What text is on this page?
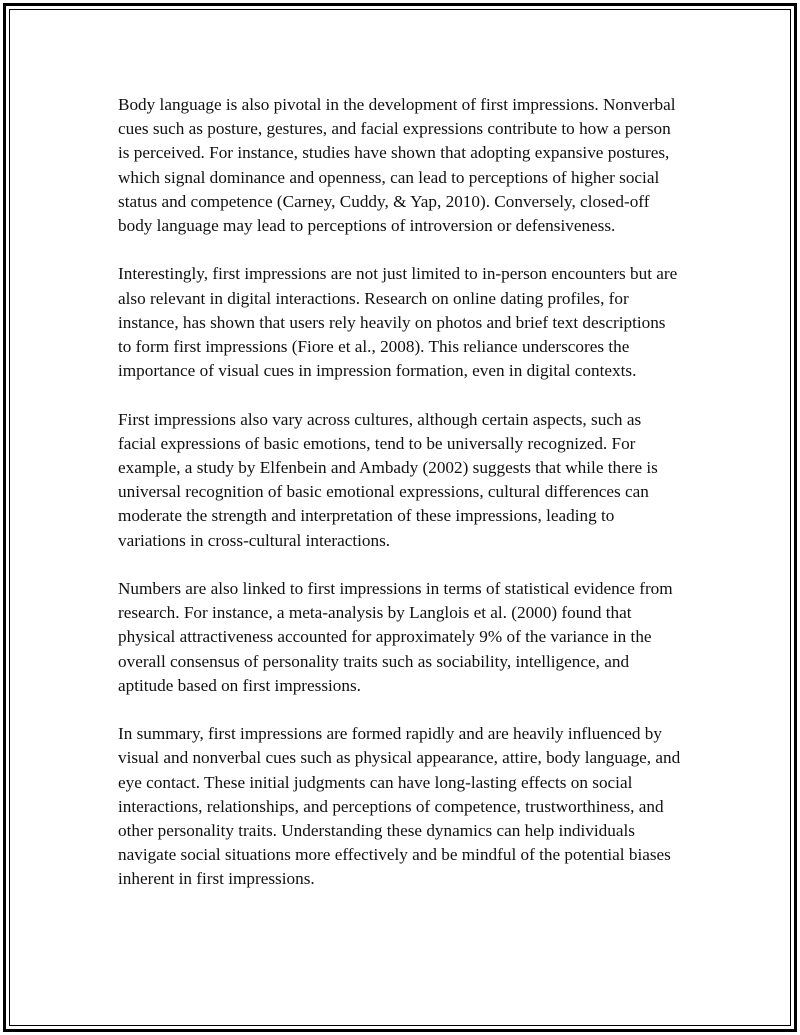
Body language is also pivotal in the development of first impressions. Nonverbal cues such as posture, gestures, and facial expressions contribute to how a person is perceived. For instance, studies have shown that adopting expansive postures, which signal dominance and openness, can lead to perceptions of higher social status and competence (Carney, Cuddy, & Yap, 2010). Conversely, closed-off body language may lead to perceptions of introversion or defensiveness.

Interestingly, first impressions are not just limited to in-person encounters but are also relevant in digital interactions. Research on online dating profiles, for instance, has shown that users rely heavily on photos and brief text descriptions to form first impressions (Fiore et al., 2008). This reliance underscores the importance of visual cues in impression formation, even in digital contexts.

First impressions also vary across cultures, although certain aspects, such as facial expressions of basic emotions, tend to be universally recognized. For example, a study by Elfenbein and Ambady (2002) suggests that while there is universal recognition of basic emotional expressions, cultural differences can moderate the strength and interpretation of these impressions, leading to variations in cross-cultural interactions.

Numbers are also linked to first impressions in terms of statistical evidence from research. For instance, a meta-analysis by Langlois et al. (2000) found that physical attractiveness accounted for approximately 9% of the variance in the overall consensus of personality traits such as sociability, intelligence, and aptitude based on first impressions.

In summary, first impressions are formed rapidly and are heavily influenced by visual and nonverbal cues such as physical appearance, attire, body language, and eye contact. These initial judgments can have long-lasting effects on social interactions, relationships, and perceptions of competence, trustworthiness, and other personality traits. Understanding these dynamics can help individuals navigate social situations more effectively and be mindful of the potential biases inherent in first impressions.
